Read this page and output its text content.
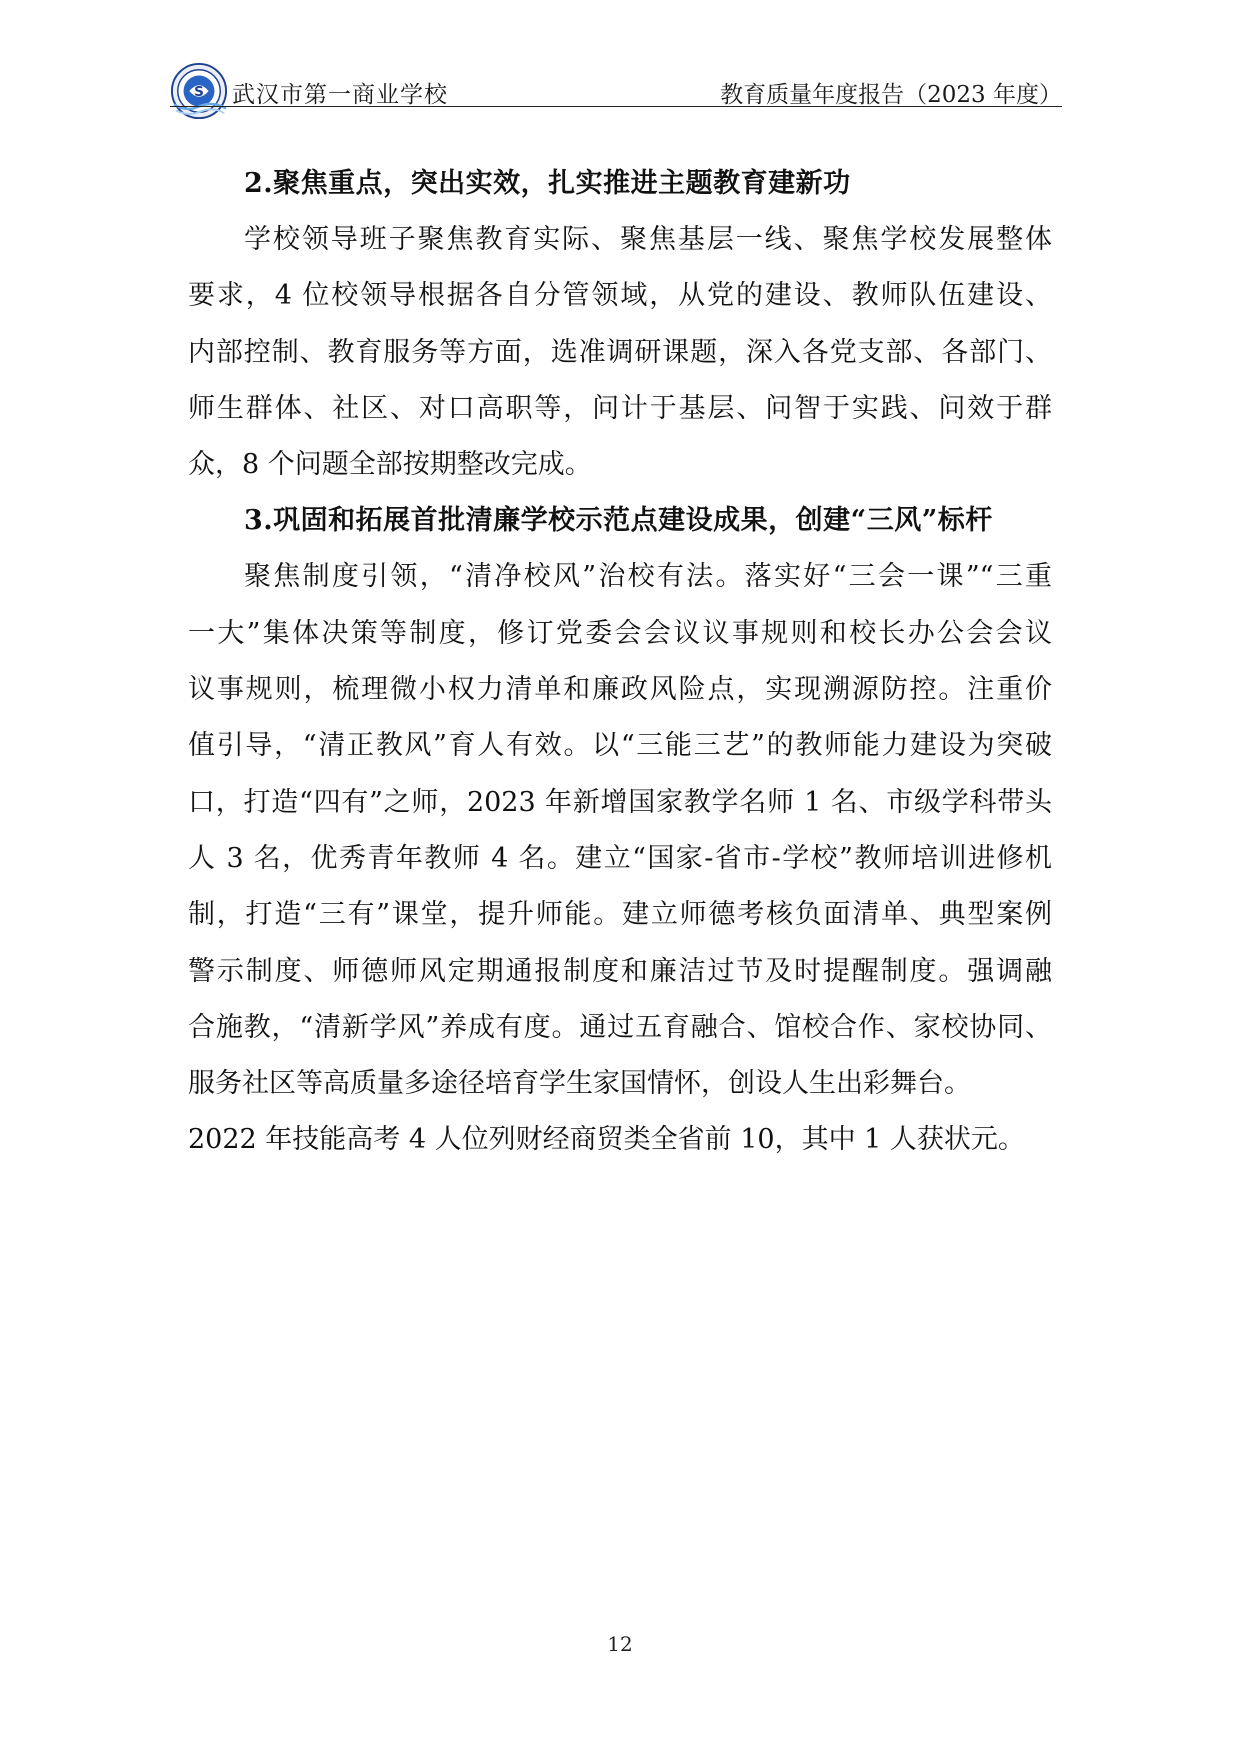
S 武汉市第一商业学校	教育质量年度报告（2023 年度）
2.聚焦重点，突出实效，扎实推进主题教育建新功

学校领导班子聚焦教育实际、聚焦基层一线、聚焦学校发展整体
要求，4 位校领导根据各自分管领域，从党的建设、教师队伍建设、
内部控制、教育服务等方面，选准调研课题，深入各党支部、各部门、
师生群体、社区、对口高职等，问计于基层、问智于实践、问效于群
众，8 个问题全部按期整改完成。

3.巩固和拓展首批清廉学校示范点建设成果，创建“三风”标杆

聚焦制度引领，“清净校风”治校有法。落实好“三会一课”“三重
一大”集体决策等制度，修订党委会会议议事规则和校长办公会会议
议事规则，梳理微小权力清单和廉政风险点，实现溯源防控。注重价
值引导，“清正教风”育人有效。以“三能三艺”的教师能力建设为突破
口，打造“四有”之师，2023 年新增国家教学名师 1 名、市级学科带头
人 3 名，优秀青年教师 4 名。建立“国家-省市-学校”教师培训进修机
制，打造“三有”课堂，提升师能。建立师德考核负面清单、典型案例
警示制度、师德师风定期通报制度和廉洁过节及时提醒制度。强调融
合施教，“清新学风”养成有度。通过五育融合、馆校合作、家校协同、
服务社区等高质量多途径培育学生家国情怀，创设人生出彩舞台。
2022 年技能高考 4 人位列财经商贸类全省前 10，其中 1 人获状元。

12
